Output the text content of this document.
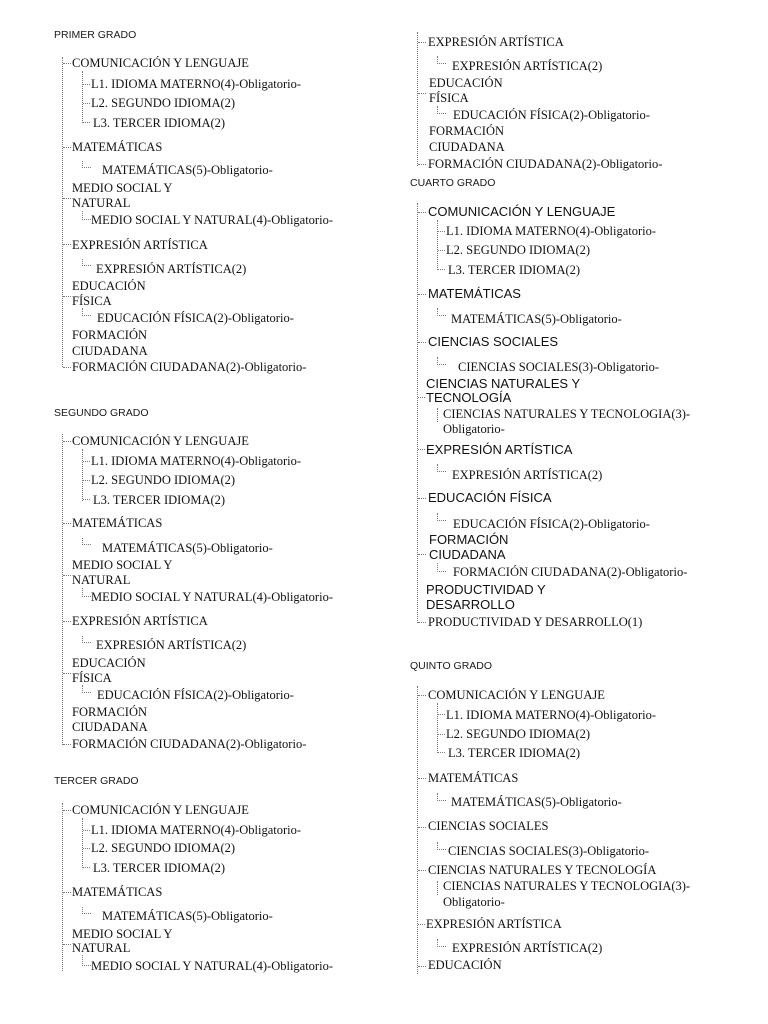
PRIMER GRADO
COMUNICACIÓN Y LENGUAJE
L1. IDIOMA MATERNO(4)-Obligatorio-
L2. SEGUNDO IDIOMA(2)
L3. TERCER IDIOMA(2)
MATEMÁTICAS
MATEMÁTICAS(5)-Obligatorio-
MEDIO SOCIAL Y
NATURAL
MEDIO SOCIAL Y NATURAL(4)-Obligatorio-
EXPRESIÓN ARTÍSTICA
EXPRESIÓN ARTÍSTICA(2)
EDUCACIÓN
FÍSICA
EDUCACIÓN FÍSICA(2)-Obligatorio-
FORMACIÓN
CIUDADANA
FORMACIÓN CIUDADANA(2)-Obligatorio-
SEGUNDO GRADO
COMUNICACIÓN Y LENGUAJE
L1. IDIOMA MATERNO(4)-Obligatorio-
L2. SEGUNDO IDIOMA(2)
L3. TERCER IDIOMA(2)
MATEMÁTICAS
MATEMÁTICAS(5)-Obligatorio-
MEDIO SOCIAL Y
NATURAL
MEDIO SOCIAL Y NATURAL(4)-Obligatorio-
EXPRESIÓN ARTÍSTICA
EXPRESIÓN ARTÍSTICA(2)
EDUCACIÓN
FÍSICA
EDUCACIÓN FÍSICA(2)-Obligatorio-
FORMACIÓN
CIUDADANA
FORMACIÓN CIUDADANA(2)-Obligatorio-
TERCER GRADO
COMUNICACIÓN Y LENGUAJE
L1. IDIOMA MATERNO(4)-Obligatorio-
L2. SEGUNDO IDIOMA(2)
L3. TERCER IDIOMA(2)
MATEMÁTICAS
MATEMÁTICAS(5)-Obligatorio-
MEDIO SOCIAL Y
NATURAL
MEDIO SOCIAL Y NATURAL(4)-Obligatorio-
EXPRESIÓN ARTÍSTICA
EXPRESIÓN ARTÍSTICA(2)
EDUCACIÓN
FÍSICA
EDUCACIÓN FÍSICA(2)-Obligatorio-
FORMACIÓN
CIUDADANA
FORMACIÓN CIUDADANA(2)-Obligatorio-
CUARTO GRADO
COMUNICACIÓN Y LENGUAJE
L1. IDIOMA MATERNO(4)-Obligatorio-
L2. SEGUNDO IDIOMA(2)
L3. TERCER IDIOMA(2)
MATEMÁTICAS
MATEMÁTICAS(5)-Obligatorio-
CIENCIAS SOCIALES
CIENCIAS SOCIALES(3)-Obligatorio-
CIENCIAS NATURALES Y
TECNOLOGÍA
CIENCIAS NATURALES Y TECNOLOGIA(3)-
Obligatorio-
EXPRESIÓN ARTÍSTICA
EXPRESIÓN ARTÍSTICA(2)
EDUCACIÓN FÍSICA
EDUCACIÓN FÍSICA(2)-Obligatorio-
FORMACIÓN
CIUDADANA
FORMACIÓN CIUDADANA(2)-Obligatorio-
PRODUCTIVIDAD Y
DESARROLLO
PRODUCTIVIDAD Y DESARROLLO(1)
QUINTO GRADO
COMUNICACIÓN Y LENGUAJE
L1. IDIOMA MATERNO(4)-Obligatorio-
L2. SEGUNDO IDIOMA(2)
L3. TERCER IDIOMA(2)
MATEMÁTICAS
MATEMÁTICAS(5)-Obligatorio-
CIENCIAS SOCIALES
CIENCIAS SOCIALES(3)-Obligatorio-
CIENCIAS NATURALES Y TECNOLOGÍA
CIENCIAS NATURALES Y TECNOLOGIA(3)-
Obligatorio-
EXPRESIÓN ARTÍSTICA
EXPRESIÓN ARTÍSTICA(2)
EDUCACIÓN
